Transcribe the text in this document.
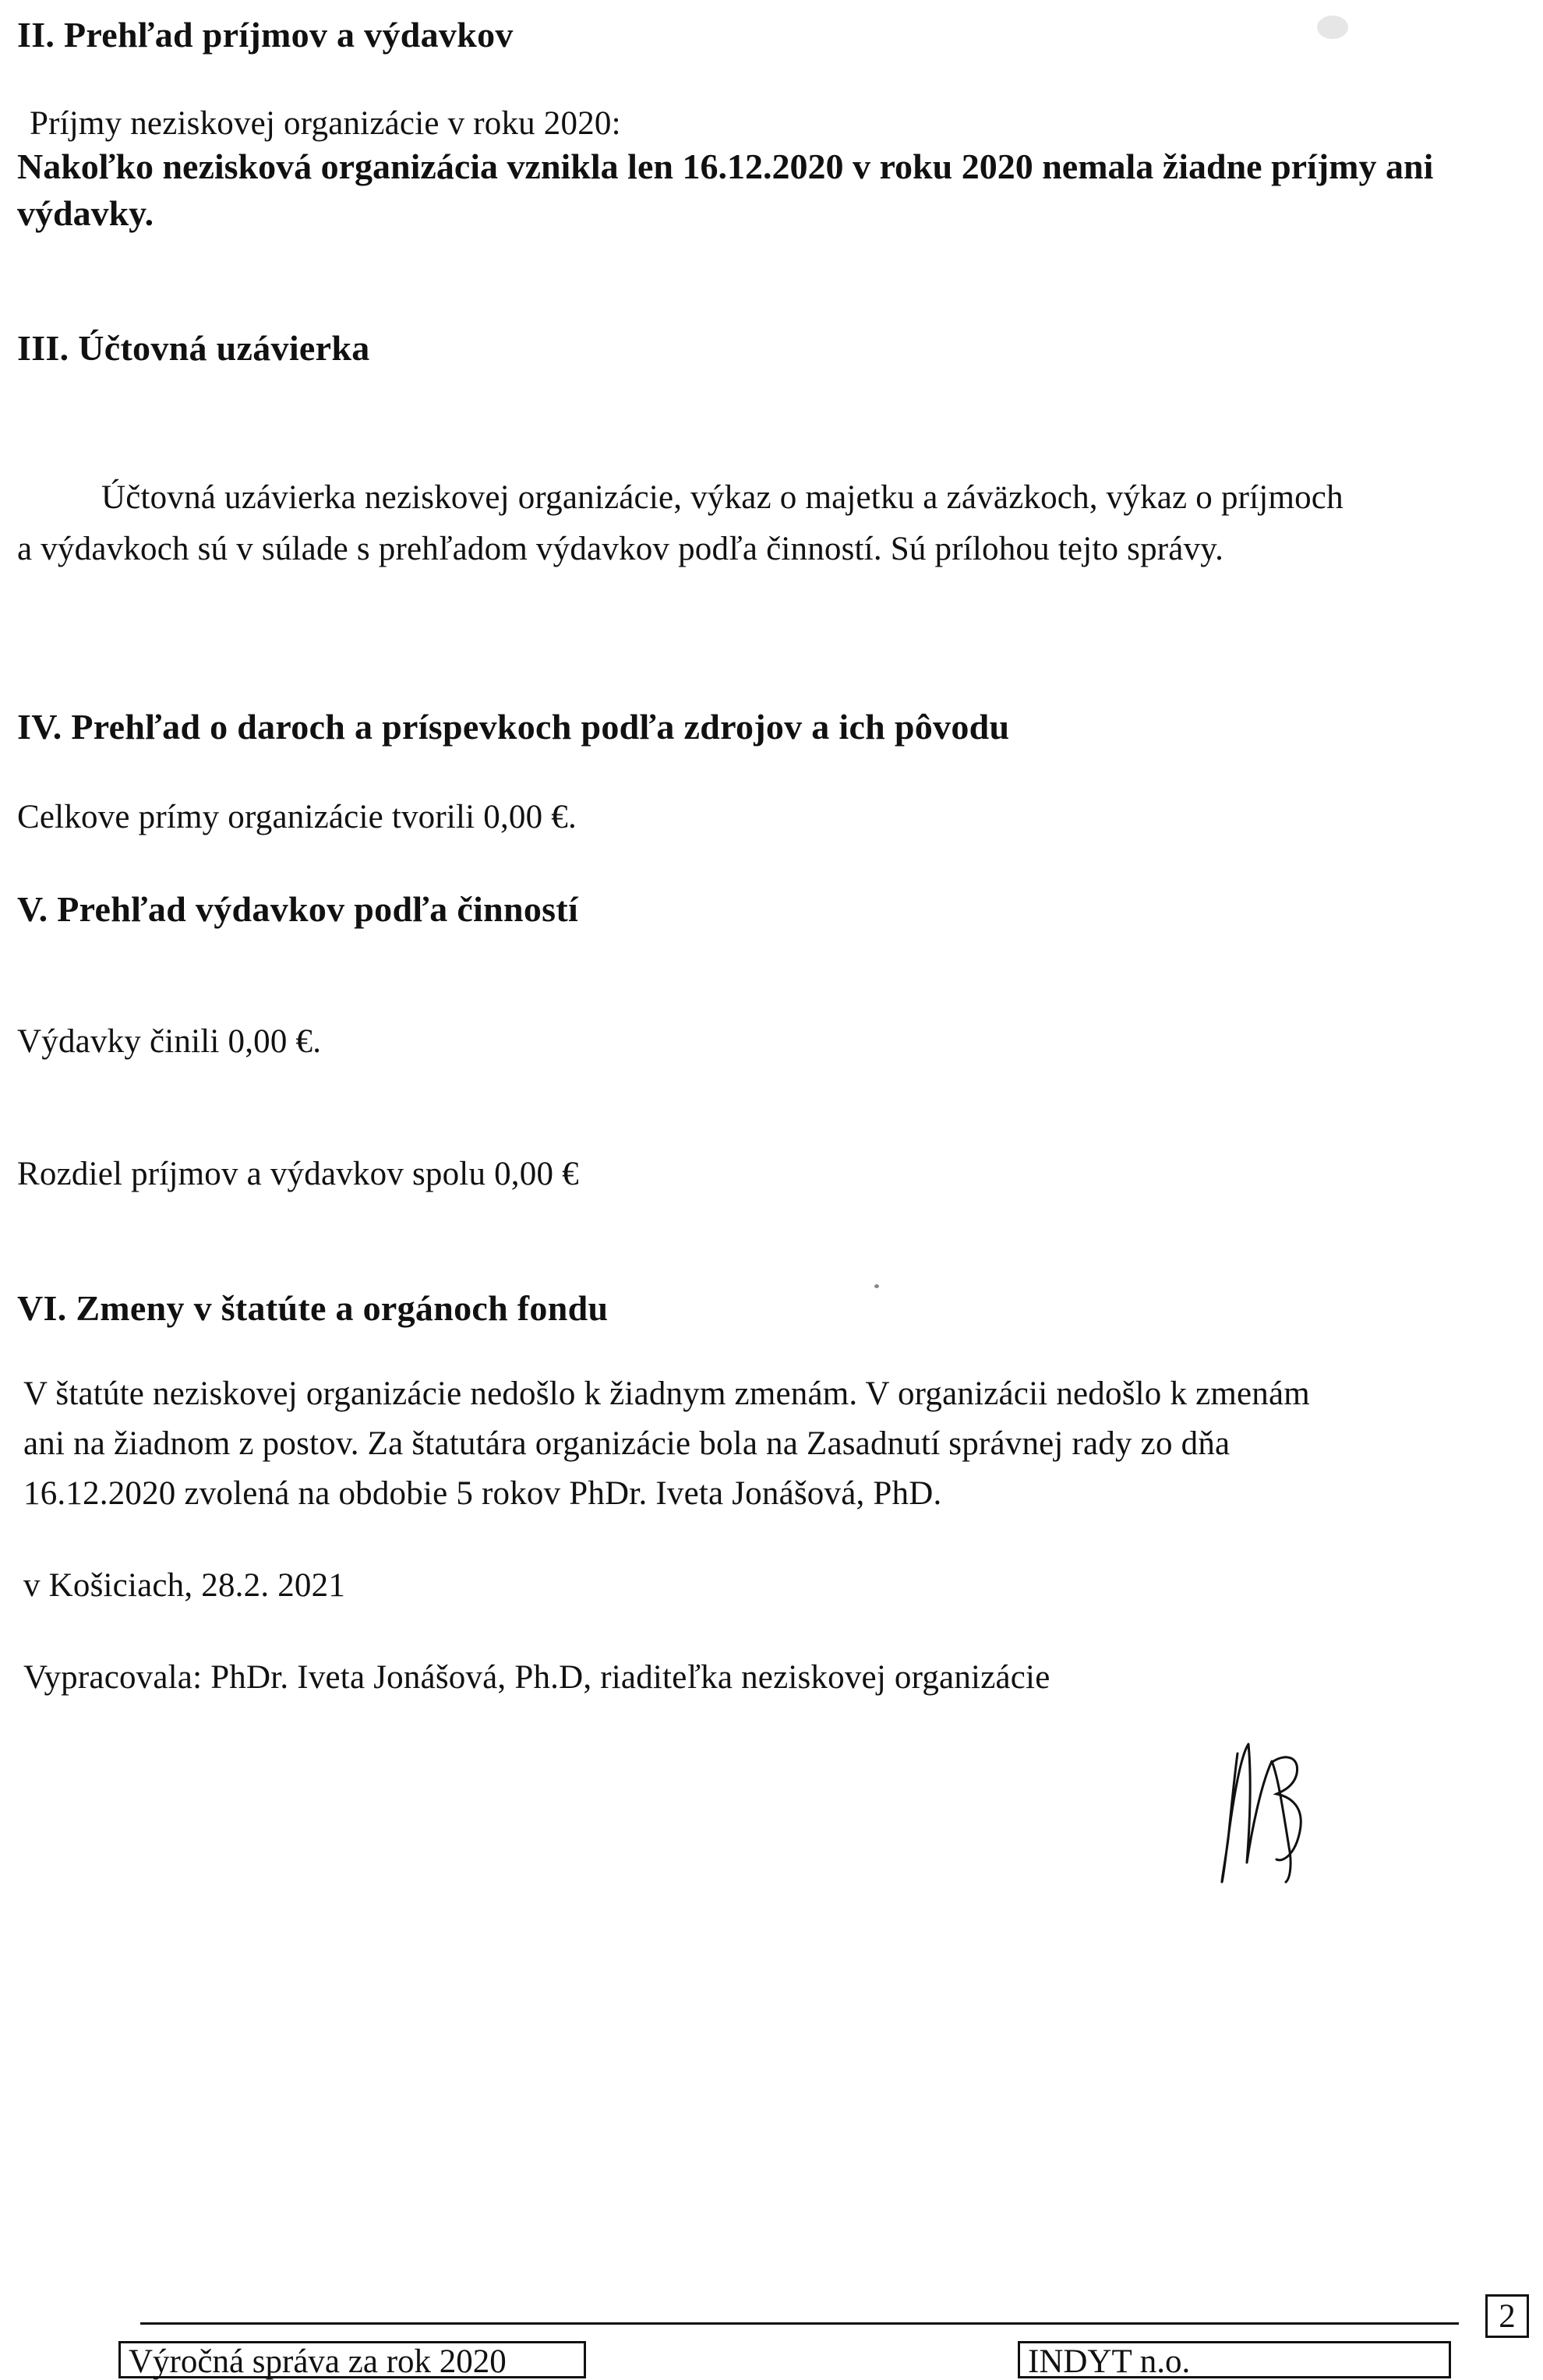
II. Prehľad príjmov a výdavkov
Príjmy neziskovej organizácie v roku 2020:
Nakoľko nezisková organizácia vznikla len 16.12.2020 v roku 2020 nemala žiadne príjmy ani výdavky.
III. Účtovná uzávierka
Účtovná uzávierka neziskovej organizácie, výkaz o majetku a záväzkoch, výkaz o príjmoch
a výdavkoch sú v súlade s prehľadom výdavkov podľa činností. Sú prílohou tejto správy.
IV. Prehľad o daroch a príspevkoch podľa zdrojov a ich pôvodu
Celkove prímy organizácie tvorili 0,00 €.
V. Prehľad výdavkov podľa činností
Výdavky činili 0,00 €.
Rozdiel príjmov a výdavkov spolu 0,00 €
VI. Zmeny v štatúte a orgánoch fondu
V štatúte neziskovej organizácie nedošlo k žiadnym zmenám. V organizácii nedošlo k zmenám
ani na žiadnom z postov. Za štatutára organizácie bola na Zasadnutí správnej rady zo dňa
16.12.2020 zvolená na obdobie 5 rokov PhDr. Iveta Jonášová, PhD.
v Košiciach, 28.2. 2021
Vypracovala: PhDr. Iveta Jonášová, Ph.D, riaditeľka neziskovej organizácie
2
Výročná správa za rok 2020	INDYT n.o.
